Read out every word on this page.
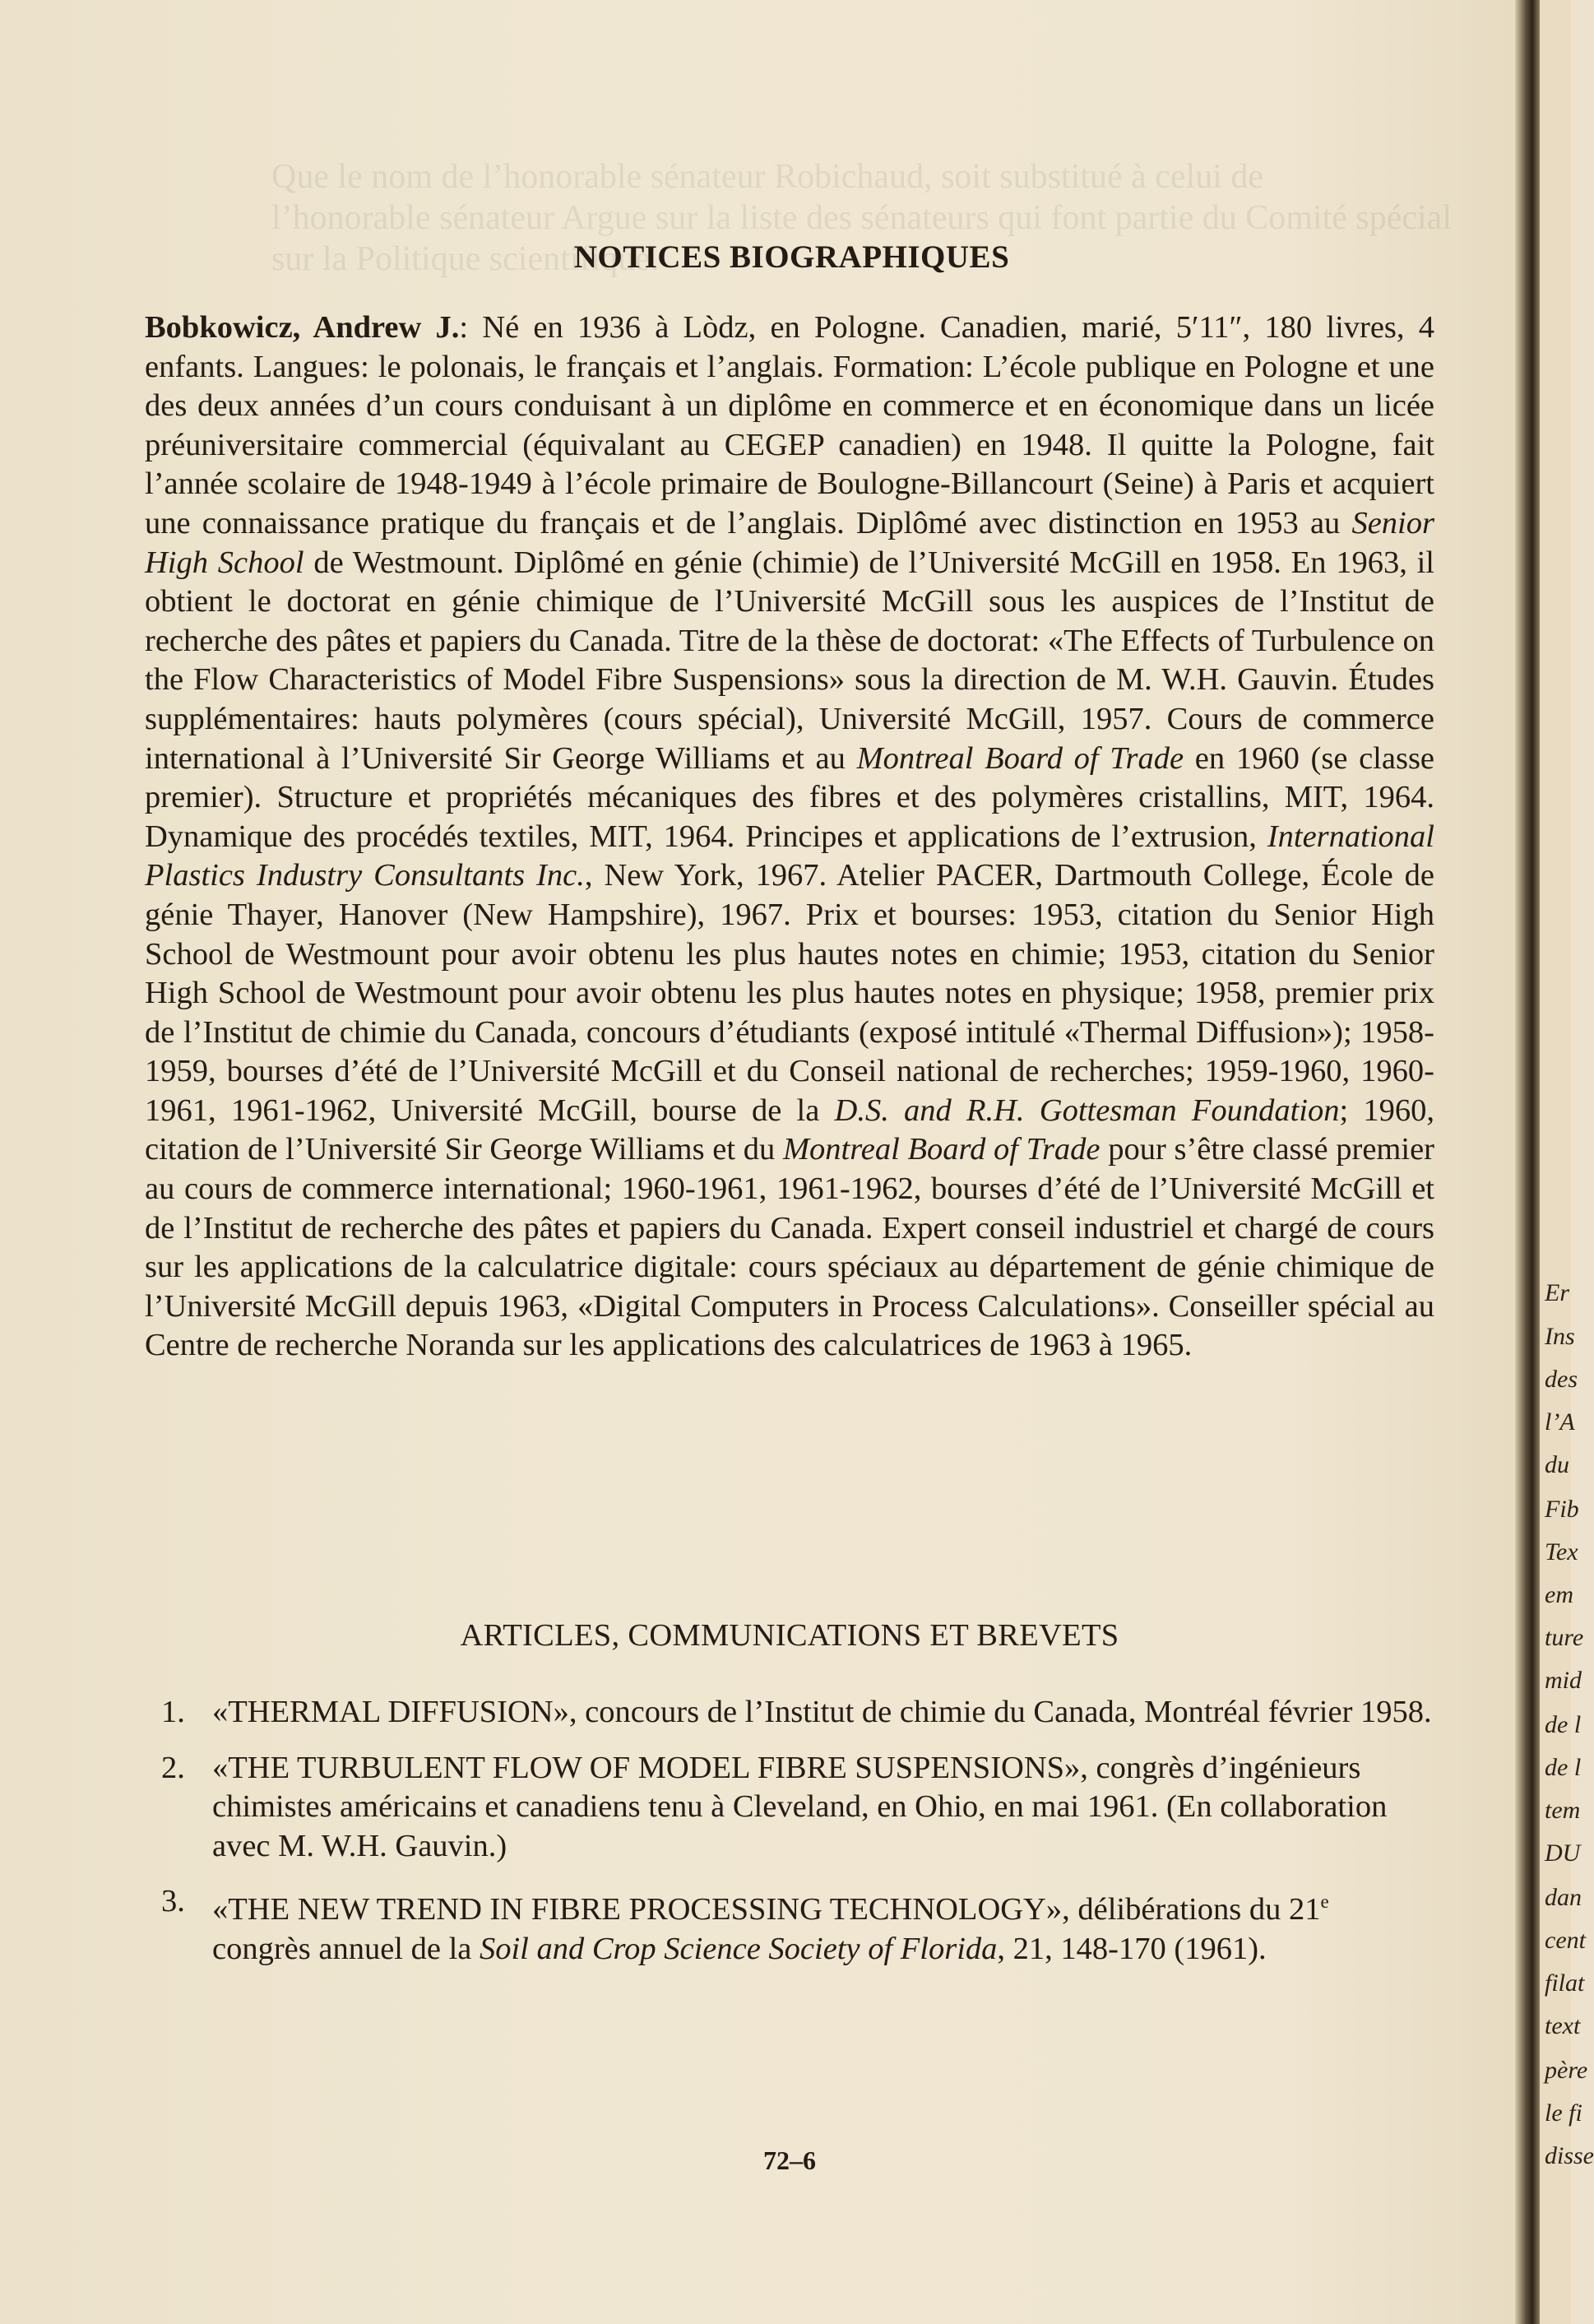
Que le nom de l’honorable sénateur Robichaud, soit substitué à celui de
l’honorable sénateur Argue sur la liste des sénateurs qui font partie du Comité spécial
sur la Politique scientifique.
NOTICES BIOGRAPHIQUES

Bobkowicz, Andrew J.: Né en 1936 à Lòdz, en Pologne. Canadien, marié, 5′11″, 180 livres, 4 enfants. Langues: le polonais, le français et l’anglais. Formation: L’école publique en Pologne et une des deux années d’un cours conduisant à un diplôme en commerce et en économique dans un licée préuniversitaire commercial (équivalant au CEGEP canadien) en 1948. Il quitte la Pologne, fait l’année scolaire de 1948-1949 à l’école primaire de Boulogne-Billancourt (Seine) à Paris et acquiert une connaissance pratique du français et de l’anglais. Diplômé avec distinction en 1953 au Senior High School de Westmount. Diplômé en génie (chimie) de l’Université McGill en 1958. En 1963, il obtient le doctorat en génie chimique de l’Université McGill sous les auspices de l’Institut de recherche des pâtes et papiers du Canada. Titre de la thèse de doctorat: «The Effects of Turbulence on the Flow Characteristics of Model Fibre Suspensions» sous la direction de M. W.H. Gauvin. Études supplémentaires: hauts polymères (cours spécial), Université McGill, 1957. Cours de commerce international à l’Université Sir George Williams et au Montreal Board of Trade en 1960 (se classe premier). Structure et propriétés mécaniques des fibres et des polymères cristallins, MIT, 1964. Dynamique des procédés textiles, MIT, 1964. Principes et applications de l’extrusion, International Plastics Industry Consultants Inc., New York, 1967. Atelier PACER, Dartmouth College, École de génie Thayer, Hanover (New Hampshire), 1967. Prix et bourses: 1953, citation du Senior High School de Westmount pour avoir obtenu les plus hautes notes en chimie; 1953, citation du Senior High School de Westmount pour avoir obtenu les plus hautes notes en physique; 1958, premier prix de l’Institut de chimie du Canada, concours d’étudiants (exposé intitulé «Thermal Diffusion»); 1958-1959, bourses d’été de l’Université McGill et du Conseil national de recherches; 1959-1960, 1960-1961, 1961-1962, Université McGill, bourse de la D.S. and R.H. Gottesman Foundation; 1960, citation de l’Université Sir George Williams et du Montreal Board of Trade pour s’être classé premier au cours de commerce international; 1960-1961, 1961-1962, bourses d’été de l’Université McGill et de l’Institut de recherche des pâtes et papiers du Canada. Expert conseil industriel et chargé de cours sur les applications de la calculatrice digitale: cours spéciaux au département de génie chimique de l’Université McGill depuis 1963, «Digital Computers in Process Calculations». Conseiller spécial au Centre de recherche Noranda sur les applications des calculatrices de 1963 à 1965.

ARTICLES, COMMUNICATIONS ET BREVETS
1. «THERMAL DIFFUSION», concours de l’Institut de chimie du Canada, Montréal février 1958.
2. «THE TURBULENT FLOW OF MODEL FIBRE SUSPENSIONS», congrès d’ingénieurs chimistes américains et canadiens tenu à Cleveland, en Ohio, en mai 1961. (En collaboration avec M. W.H. Gauvin.)
3. «THE NEW TREND IN FIBRE PROCESSING TECHNOLOGY», délibérations du 21e congrès annuel de la Soil and Crop Science Society of Florida, 21, 148-170 (1961).
72–6
Er
Ins
des
l’A
du
Fib
Tex
em
ture
mid
de l
de l
tem
DU
dan
cent
filat
text
père
le fi
disse
